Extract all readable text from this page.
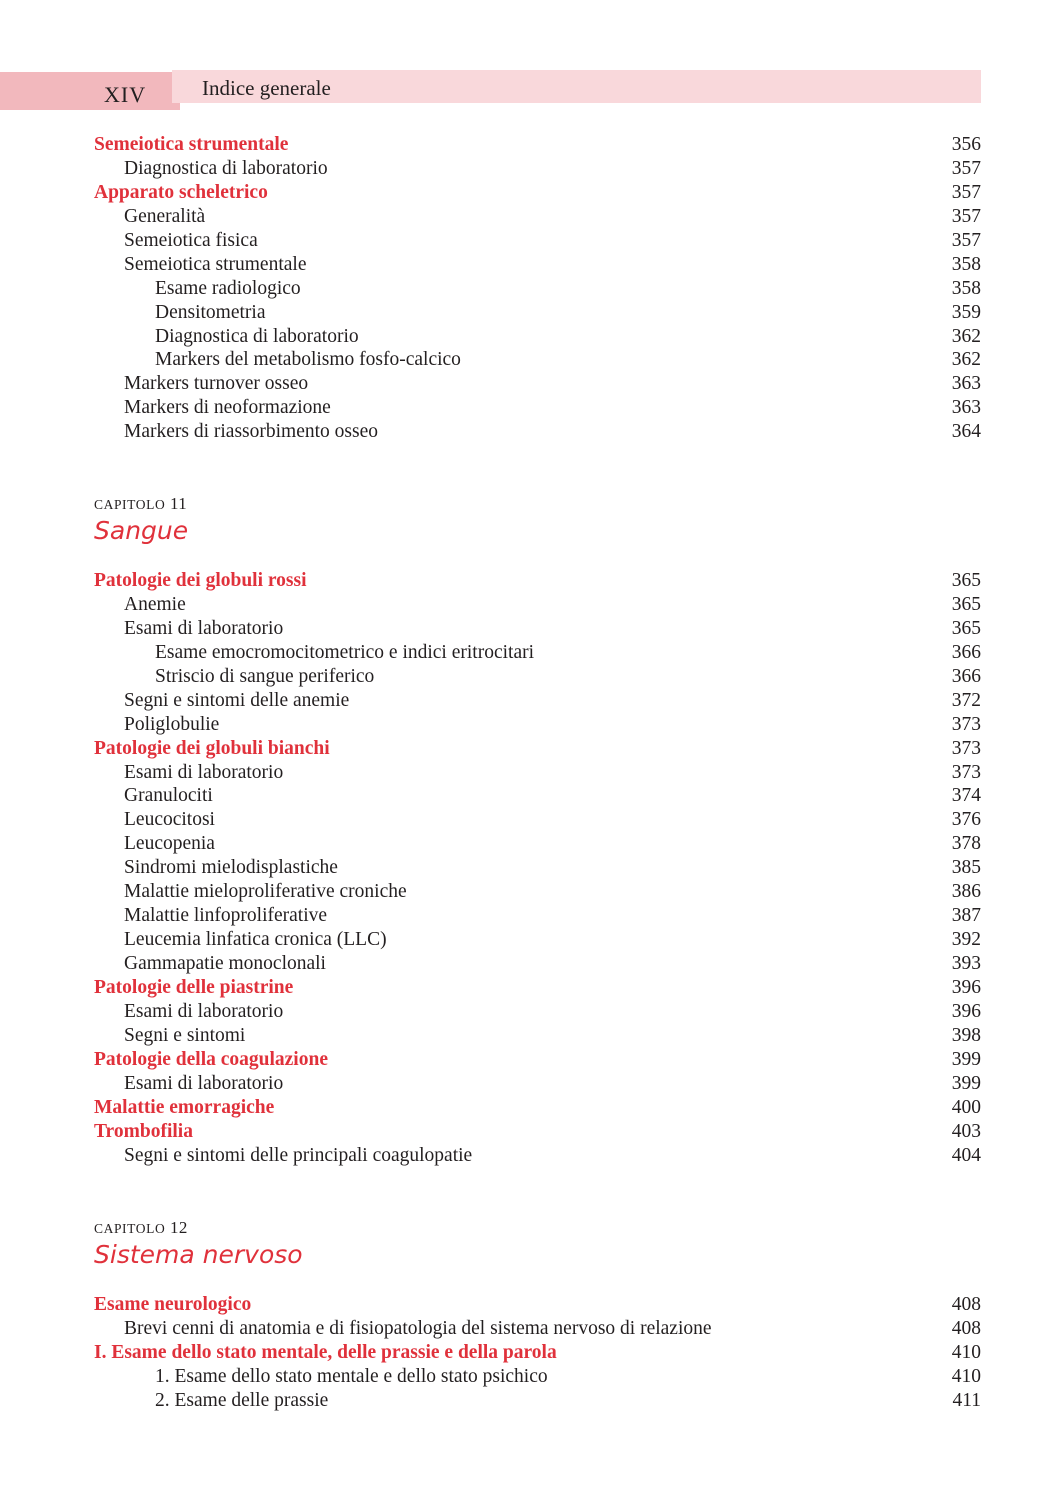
XIV	Indice generale
Semeiotica strumentale	356
Diagnostica di laboratorio	357
Apparato scheletrico	357
Generalità	357
Semeiotica fisica	357
Semeiotica strumentale	358
Esame radiologico	358
Densitometria	359
Diagnostica di laboratorio	362
Markers del metabolismo fosfo-calcico	362
Markers turnover osseo	363
Markers di neoformazione	363
Markers di riassorbimento osseo	364
CAPITOLO 11
Sangue
Patologie dei globuli rossi	365
Anemie	365
Esami di laboratorio	365
Esame emocromocitometrico e indici eritrocitari	366
Striscio di sangue periferico	366
Segni e sintomi delle anemie	372
Poliglobulie	373
Patologie dei globuli bianchi	373
Esami di laboratorio	373
Granulociti	374
Leucocitosi	376
Leucopenia	378
Sindromi mielodisplastiche	385
Malattie mieloproliferative croniche	386
Malattie linfoproliferative	387
Leucemia linfatica cronica (LLC)	392
Gammapatie monoclonali	393
Patologie delle piastrine	396
Esami di laboratorio	396
Segni e sintomi	398
Patologie della coagulazione	399
Esami di laboratorio	399
Malattie emorragiche	400
Trombofilia	403
Segni e sintomi delle principali coagulopatie	404
CAPITOLO 12
Sistema nervoso
Esame neurologico	408
Brevi cenni di anatomia e di fisiopatologia del sistema nervoso di relazione	408
I. Esame dello stato mentale, delle prassie e della parola	410
1. Esame dello stato mentale e dello stato psichico	410
2. Esame delle prassie	411
